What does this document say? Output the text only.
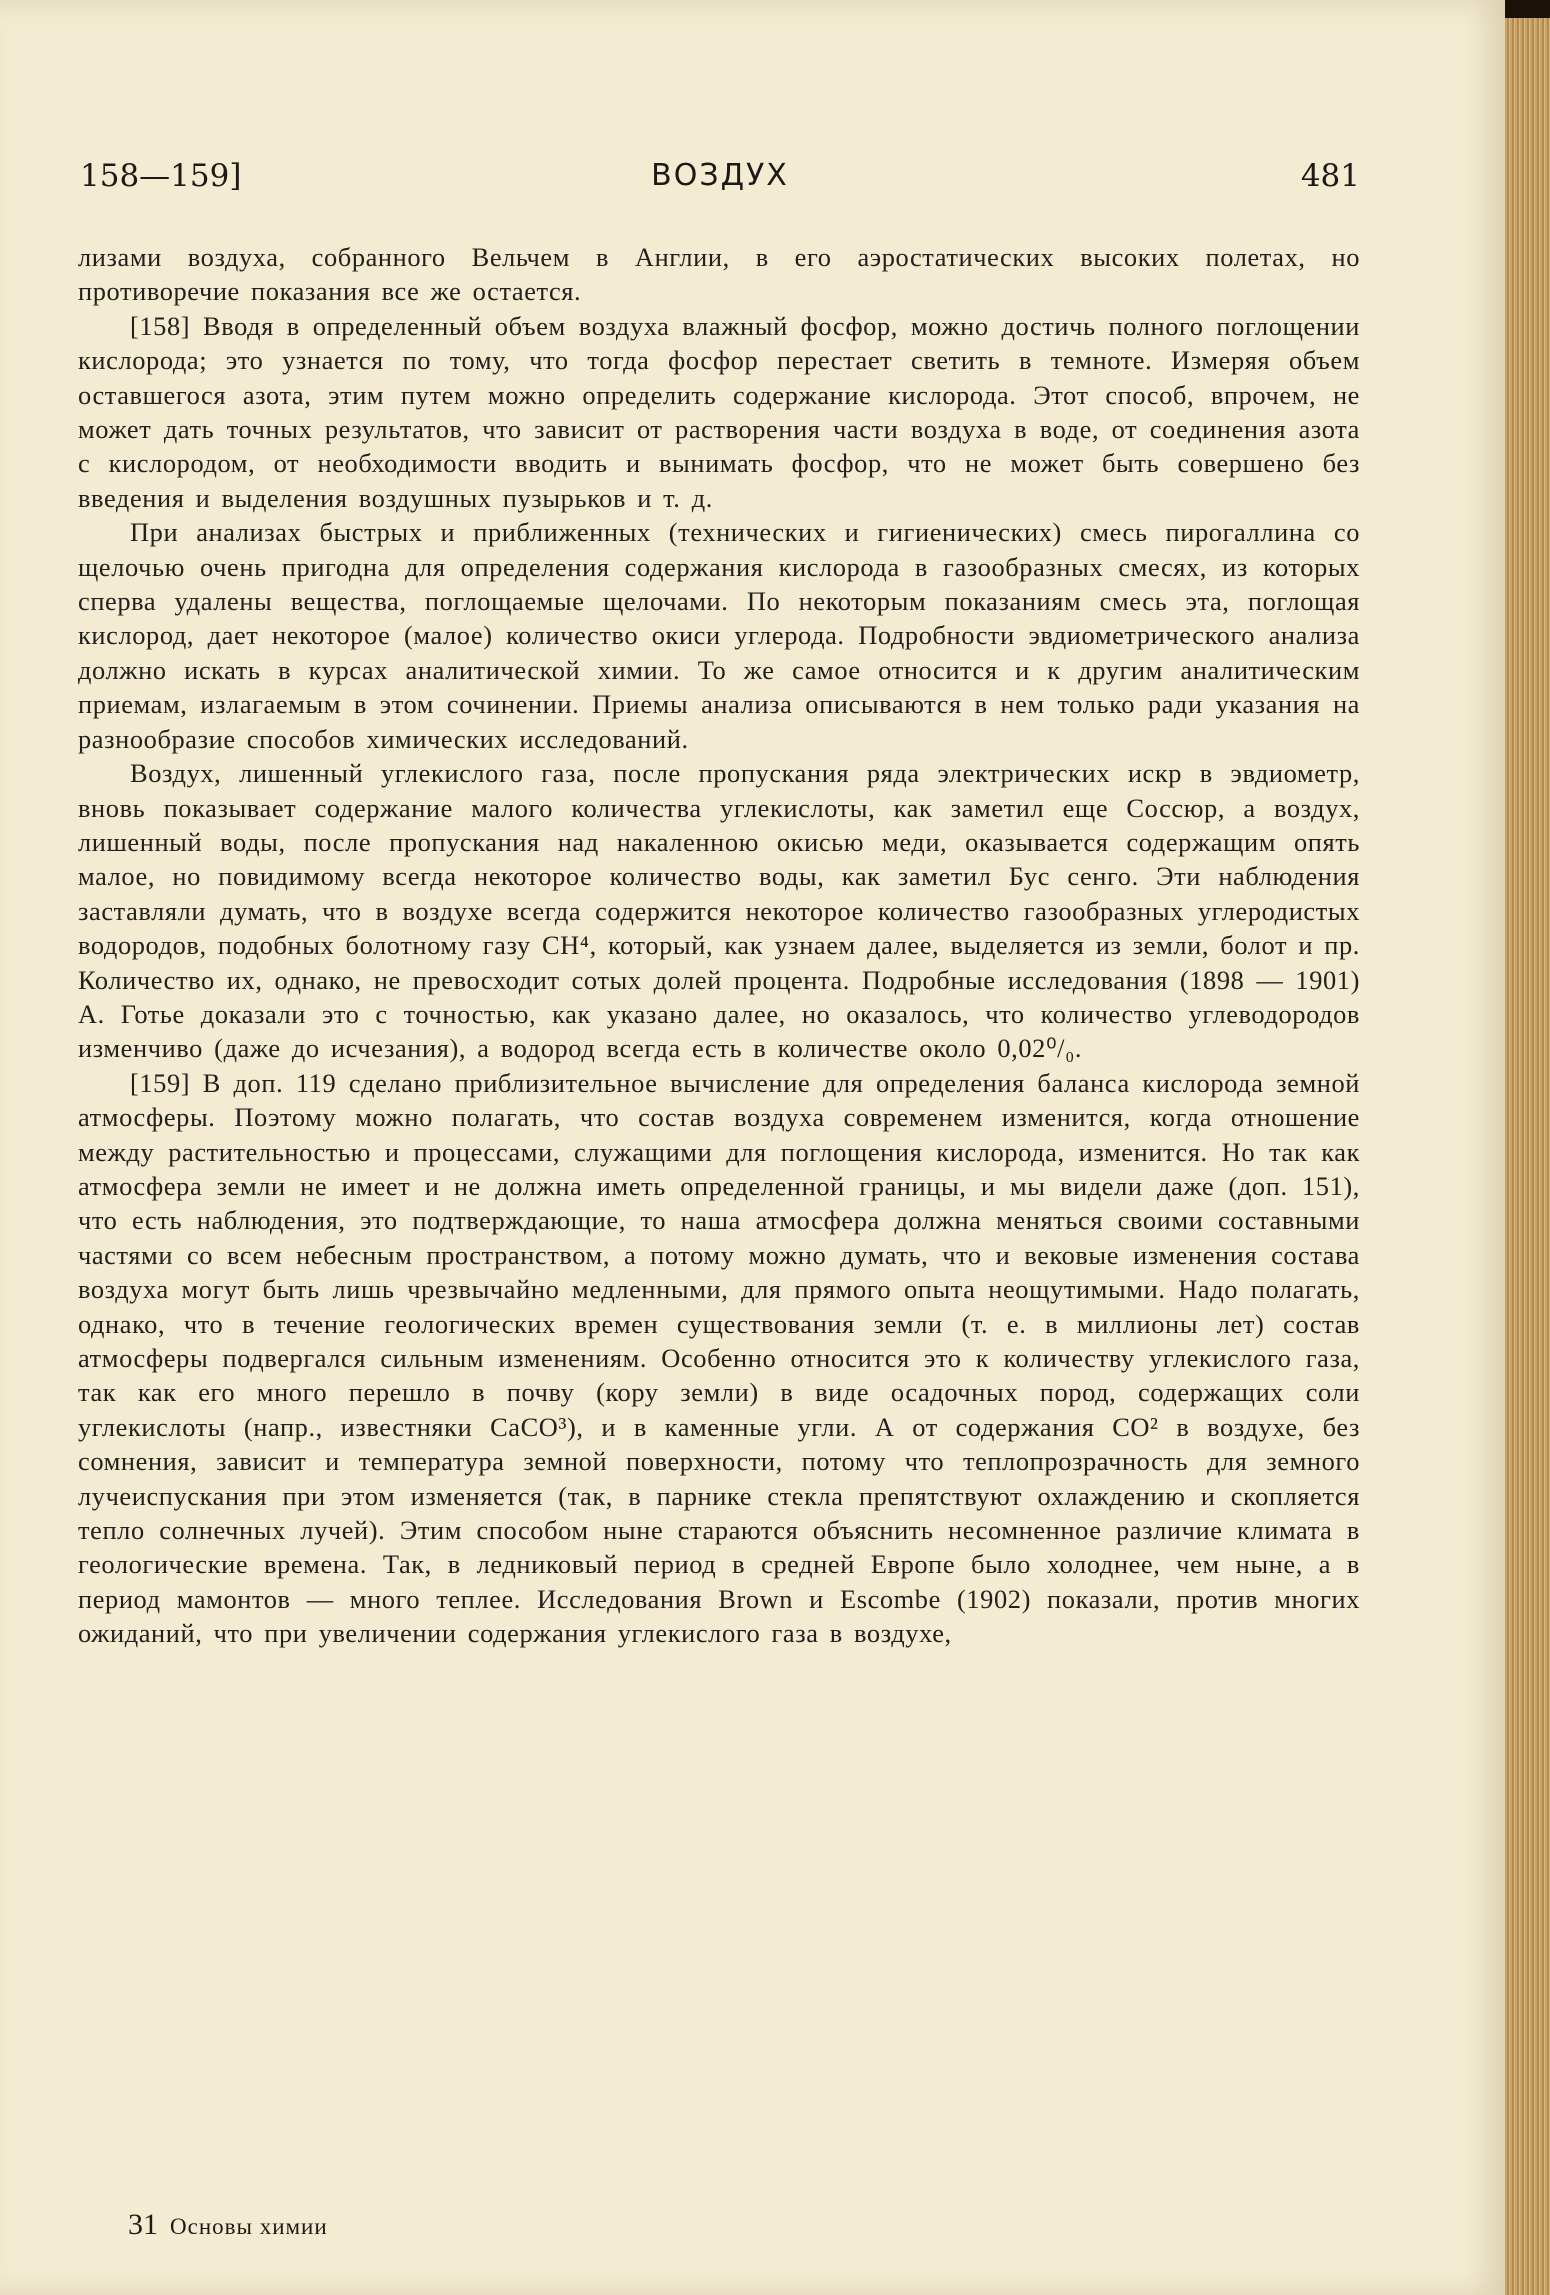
158—159]	ВОЗДУХ	481

лизами воздуха, собранного Вельчем в Англии, в его аэростатических высоких полетах, но противоречие показания все же остается.

[158] Вводя в определенный объем воздуха влажный фосфор, можно достичь полного поглощении кислорода; это узнается по тому, что тогда фосфор перестает светить в темноте. Измеряя объем оставшегося азота, этим путем можно определить содержание кислорода. Этот способ, впрочем, не может дать точных результатов, что зависит от растворения части воздуха в воде, от соединения азота с кислородом, от необходимости вводить и вынимать фосфор, что не может быть совершено без введения и выделения воздушных пузырьков и т. д.

При анализах быстрых и приближенных (технических и гигиенических) смесь пирогаллина со щелочью очень пригодна для определения содержания кислорода в газообразных смесях, из которых сперва удалены вещества, поглощаемые щелочами. По некоторым показаниям смесь эта, поглощая кислород, дает некоторое (малое) количество окиси углерода. Подробности эвдиометрического анализа должно искать в курсах аналитической химии. То же самое относится и к другим аналитическим приемам, излагаемым в этом сочинении. Приемы анализа описываются в нем только ради указания на разнообразие способов химических исследований.

Воздух, лишенный углекислого газа, после пропускания ряда электрических искр в эвдиометр, вновь показывает содержание малого количества углекислоты, как заметил еще Соссюр, а воздух, лишенный воды, после пропускания над накаленною окисью меди, оказывается содержащим опять малое, но повидимому всегда некоторое количество воды, как заметил Бус сенго. Эти наблюдения заставляли думать, что в воздухе всегда содержится некоторое количество газообразных углеродистых водородов, подобных болотному газу СН⁴, который, как узнаем далее, выделяется из земли, болот и пр. Количество их, однако, не превосходит сотых долей процента. Подробные исследования (1898 — 1901) А. Готье доказали это с точностью, как указано далее, но оказалось, что количество углеводородов изменчиво (даже до исчезания), а водород всегда есть в количестве около 0,02⁰/₀.

[159] В доп. 119 сделано приблизительное вычисление для определения баланса кислорода земной атмосферы. Поэтому можно полагать, что состав воздуха современем изменится, когда отношение между растительностью и процессами, служащими для поглощения кислорода, изменится. Но так как атмосфера земли не имеет и не должна иметь определенной границы, и мы видели даже (доп. 151), что есть наблюдения, это подтверждающие, то наша атмосфера должна меняться своими составными частями со всем небесным пространством, а потому можно думать, что и вековые изменения состава воздуха могут быть лишь чрезвычайно медленными, для прямого опыта неощутимыми. Надо полагать, однако, что в течение геологических времен существования земли (т. е. в миллионы лет) состав атмосферы подвергался сильным изменениям. Особенно относится это к количеству углекислого газа, так как его много перешло в почву (кору земли) в виде осадочных пород, содержащих соли углекислоты (напр., известняки CaCO³), и в каменные угли. А от содержания СО² в воздухе, без сомнения, зависит и температура земной поверхности, потому что теплопрозрачность для земного лучеиспускания при этом изменяется (так, в парнике стекла препятствуют охлаждению и скопляется тепло солнечных лучей). Этим способом ныне стараются объяснить несомненное различие климата в геологические времена. Так, в ледниковый период в средней Европе было холоднее, чем ныне, а в период мамонтов — много теплее. Исследования Brown и Escombe (1902) показали, против многих ожиданий, что при увеличении содержания углекислого газа в воздухе,

31 Основы химии
